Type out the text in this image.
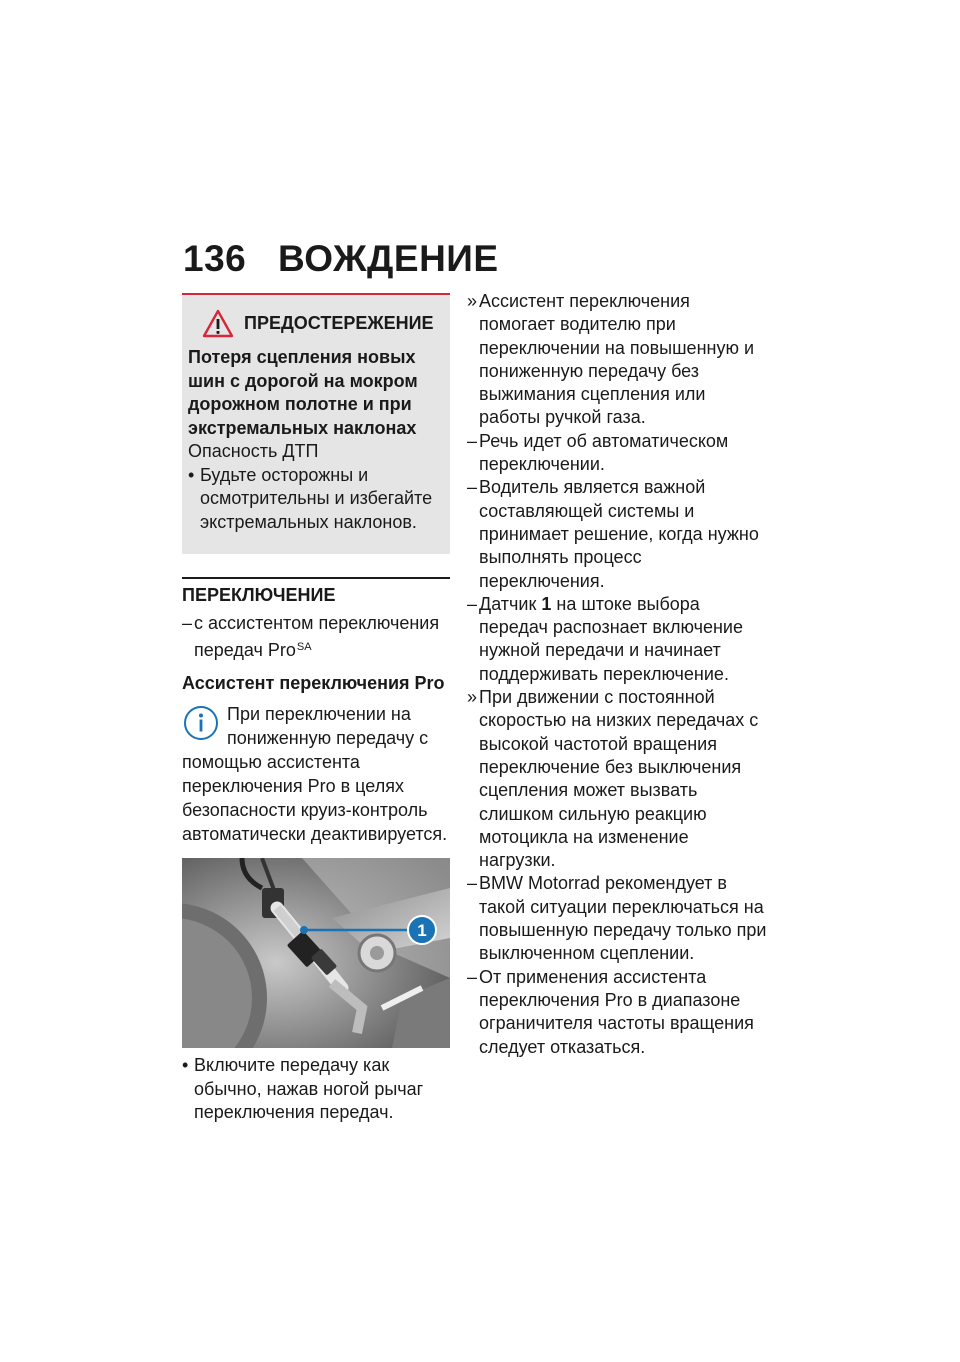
136 ВОЖДЕНИЕ
ПРЕДОСТЕРЕЖЕНИЕ
Потеря сцепления новых шин с дорогой на мокром дорожном полотне и при экстремальных наклонах
Опасность ДТП
• Будьте осторожны и осмотрительны и избегайте экстремальных наклонов.
ПЕРЕКЛЮЧЕНИЕ
– с ассистентом переключения передач Pro$^{SA}$
Ассистент переключения Pro
При переключении на пониженную передачу с помощью ассистента переключения Pro в целях безопасности круиз-контроль автоматически деактивируется.
1
• Включите передачу как обычно, нажав ногой рычаг переключения передач.
» Ассистент переключения помогает водителю при переключении на повышенную и пониженную передачу без выжимания сцепления или работы ручкой газа.
– Речь идет об автоматическом переключении.
– Водитель является важной составляющей системы и принимает решение, когда нужно выполнять процесс переключения.
– Датчик 1 на штоке выбора передач распознает включение нужной передачи и начинает поддерживать переключение.
» При движении с постоянной скоростью на низких передачах с высокой частотой вращения переключение без выключения сцепления может вызвать слишком сильную реакцию мотоцикла на изменение нагрузки.
– BMW Motorrad рекомендует в такой ситуации переключаться на повышенную передачу только при выключенном сцеплении.
– От применения ассистента переключения Pro в диапазоне ограничителя частоты вращения следует отказаться.
